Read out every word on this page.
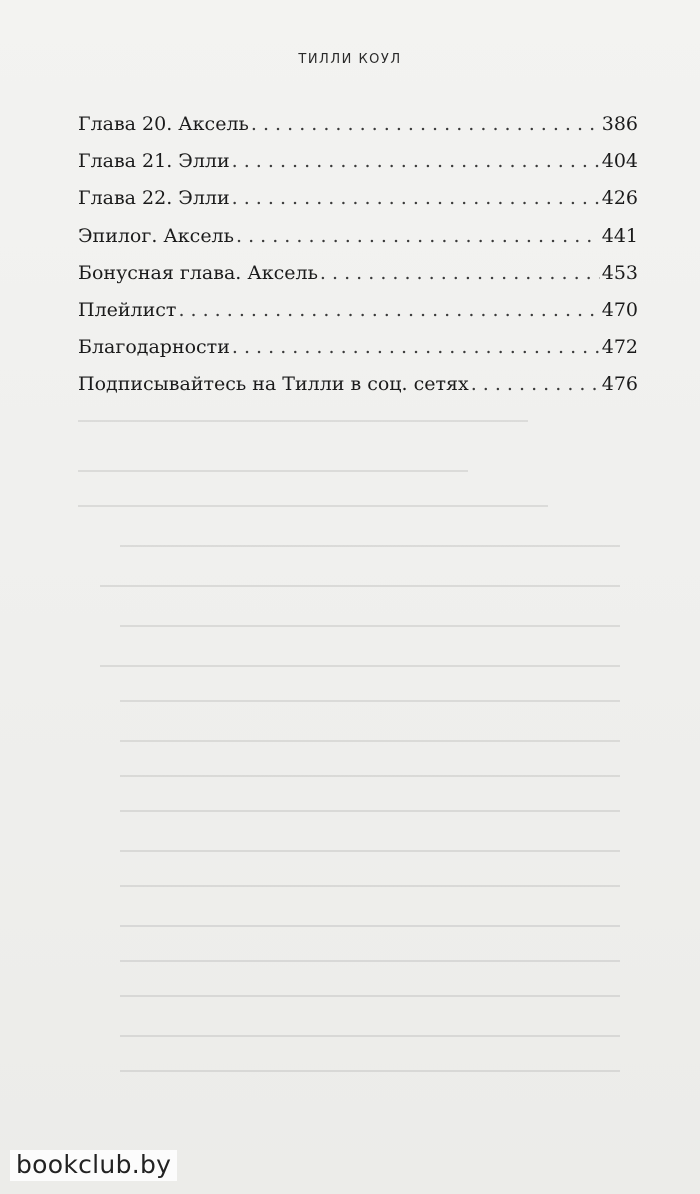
ТИЛЛИ КОУЛ
Глава 20. Аксель . . .	386
Глава 21. Элли . . .	404
Глава 22. Элли . . .	426
Эпилог. Аксель . . .	441
Бонусная глава. Аксель . . .	453
Плейлист . . .	470
Благодарности . . .	472
Подписывайтесь на Тилли в соц. сетях . . .	476
bookclub.by
